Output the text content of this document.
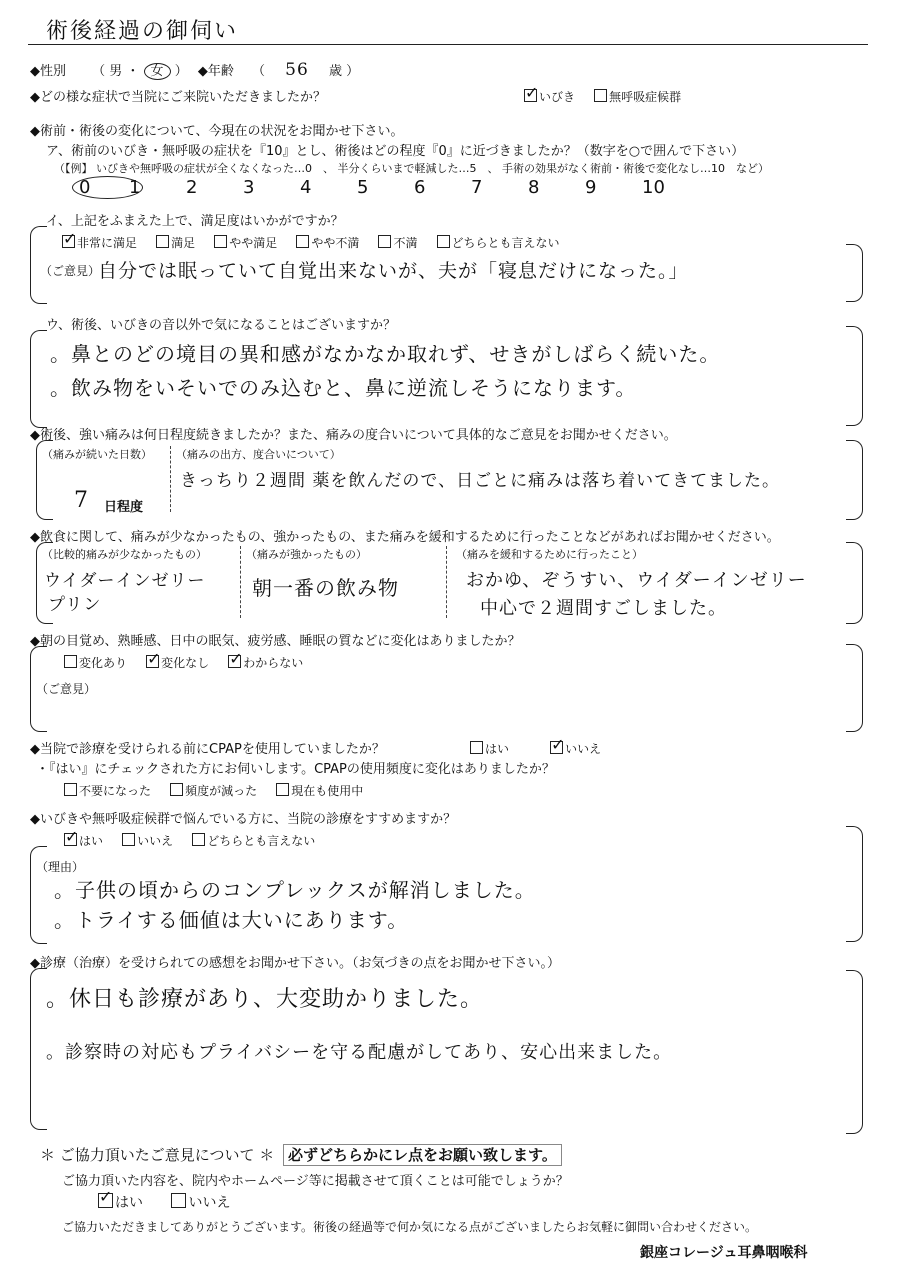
術後経過の御伺い
◆性別 （ 男 ・ 女 ） ◆年齢 （ 56 歳 ）
◆どの様な症状で当院にご来院いただきましたか？ ✓	いびき	無呼吸症候群
◆術前・術後の変化について、今現在の状況をお聞かせ下さい。
ア、術前のいびき・無呼吸の症状を『10』とし、術後はどの程度『0』に近づきましたか？（数字を○で囲んで下さい）
（【例】 いびきや無呼吸の症状が全くなくなった…0　、 半分くらいまで軽減した…5　、 手術の効果がなく術前・術後で変化なし…10　など）
0 1	2	3	4	5	6	7	8	9	10
イ、上記をふまえた上で、満足度はいかがですか？
✓非常に満足	満足	やや満足	やや不満	不満	どちらとも言えない
（ご意見）
自分では眠っていて自覚出来ないが、夫が「寝息だけになった。」
ウ、術後、いびきの音以外で気になることはございますか？
。鼻とのどの境目の異和感がなかなか取れず、せきがしばらく続いた。
。飲み物をいそいでのみ込むと、鼻に逆流しそうになります。
◆術後、強い痛みは何日程度続きましたか？また、痛みの度合いについて具体的なご意見をお聞かせください。
（痛みが続いた日数）
7 日程度
（痛みの出方、度合いについて）
きっちり２週間 薬を飲んだので、日ごとに痛みは落ち着いてきてました。
◆飲食に関して、痛みが少なかったもの、強かったもの、また痛みを緩和するために行ったことなどがあればお聞かせください。
（比較的痛みが少なかったもの）
ウイダーインゼリー
プリン
（痛みが強かったもの）
朝一番の飲み物
（痛みを緩和するために行ったこと）
おかゆ、ぞうすい、ウイダーインゼリー
中心で２週間すごしました。
◆朝の目覚め、熟睡感、日中の眠気、疲労感、睡眠の質などに変化はありましたか？
変化あり ✓	変化なし ✓	わからない
（ご意見）
◆当院で診療を受けられる前にCPAPを使用していましたか？	はい ✓	いいえ
・『はい』にチェックされた方にお伺いします。CPAPの使用頻度に変化はありましたか？
不要になった	頻度が減った	現在も使用中
◆いびきや無呼吸症候群で悩んでいる方に、当院の診療をすすめますか？
✓はい	いいえ	どちらとも言えない
（理由）
。子供の頃からのコンプレックスが解消しました。
。トライする価値は大いにあります。
◆診療（治療）を受けられての感想をお聞かせ下さい。（お気づきの点をお聞かせ下さい。）
。休日も診療があり、大変助かりました。
。診察時の対応もプライバシーを守る配慮がしてあり、安心出来ました。
＊ ご協力頂いたご意見について ＊ 必ずどちらかにレ点をお願い致します。
ご協力頂いた内容を、院内やホームページ等に掲載させて頂くことは可能でしょうか？
✓はい	いいえ
ご協力いただきましてありがとうございます。術後の経過等で何か気になる点がございましたらお気軽に御問い合わせください。
銀座コレージュ耳鼻咽喉科
